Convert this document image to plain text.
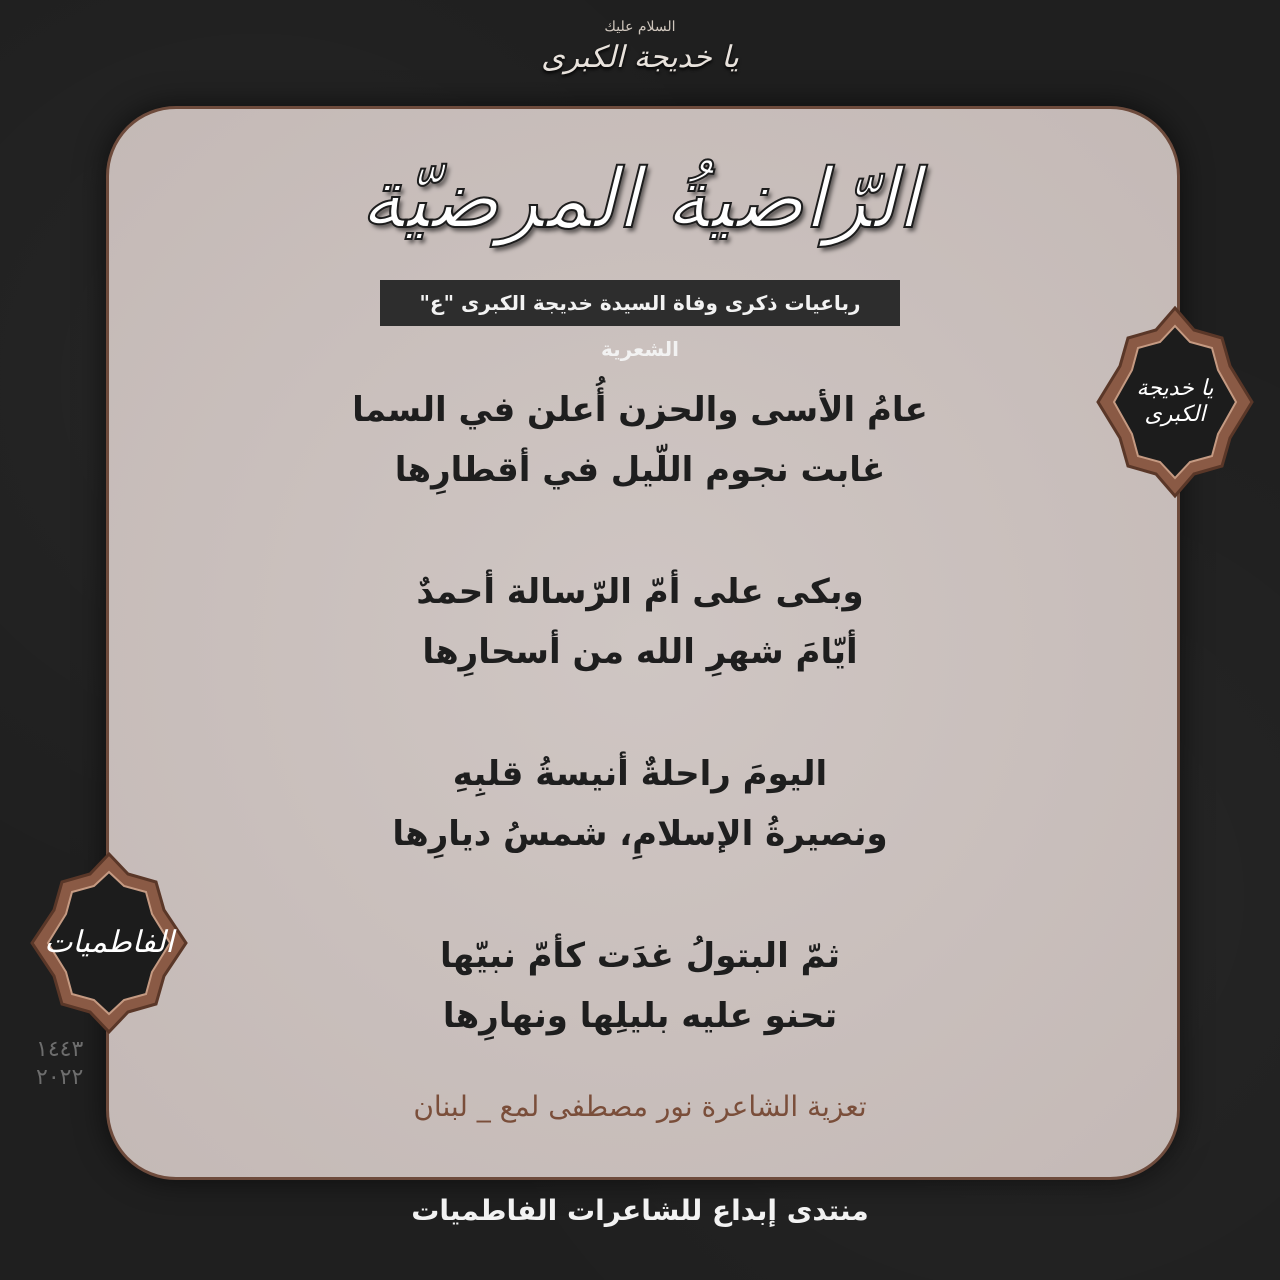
السلام عليك
يا خديجة الكبرى
الرّاضيةُ المرضيّة
رباعيات ذكرى وفاة السيدة خديجة الكبرى "ع" الشعرية
عامُ الأسى والحزن أُعلن في السما
غابت نجوم اللّيل في أقطارِها
وبكى على أمّ الرّسالة أحمدٌ
أيّامَ شهرِ الله من أسحارِها
اليومَ راحلةٌ أنيسةُ قلبِهِ
ونصيرةُ الإسلامِ، شمسُ ديارِها
ثمّ البتولُ غدَت كأمّ نبيّها
تحنو عليه بليلِها ونهارِها
تعزية الشاعرة نور مصطفى لمع _ لبنان
يا خديجة الكبرى
الفاطميات
١٤٤٣
٢٠٢٢
منتدى إبداع للشاعرات الفاطميات
